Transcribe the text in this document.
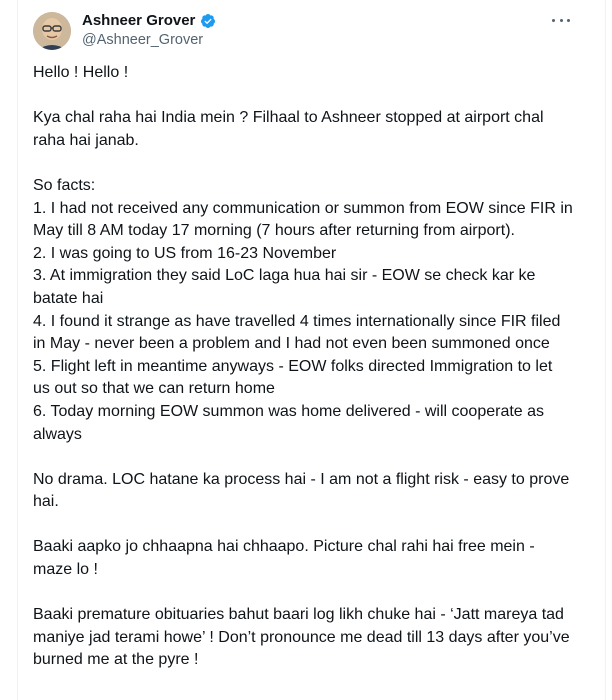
Ashneer Grover
@Ashneer_Grover

Hello ! Hello !

Kya chal raha hai India mein ? Filhaal to Ashneer stopped at airport chal raha hai janab.

So facts:
1. I had not received any communication or summon from EOW since FIR in May till 8 AM today 17 morning (7 hours after returning from airport).
2. I was going to US from 16-23 November
3. At immigration they said LoC laga hua hai sir - EOW se check kar ke batate hai
4. I found it strange as have travelled 4 times internationally since FIR filed in May - never been a problem and I had not even been summoned once
5. Flight left in meantime anyways - EOW folks directed Immigration to let us out so that we can return home
6. Today morning EOW summon was home delivered - will cooperate as always

No drama. LOC hatane ka process hai - I am not a flight risk - easy to prove hai.

Baaki aapko jo chhaapna hai chhaapo. Picture chal rahi hai free mein - maze lo !

Baaki premature obituaries bahut baari log likh chuke hai - ‘Jatt mareya tad maniye jad terami howe’ ! Don’t pronounce me dead till 13 days after you’ve burned me at the pyre !
